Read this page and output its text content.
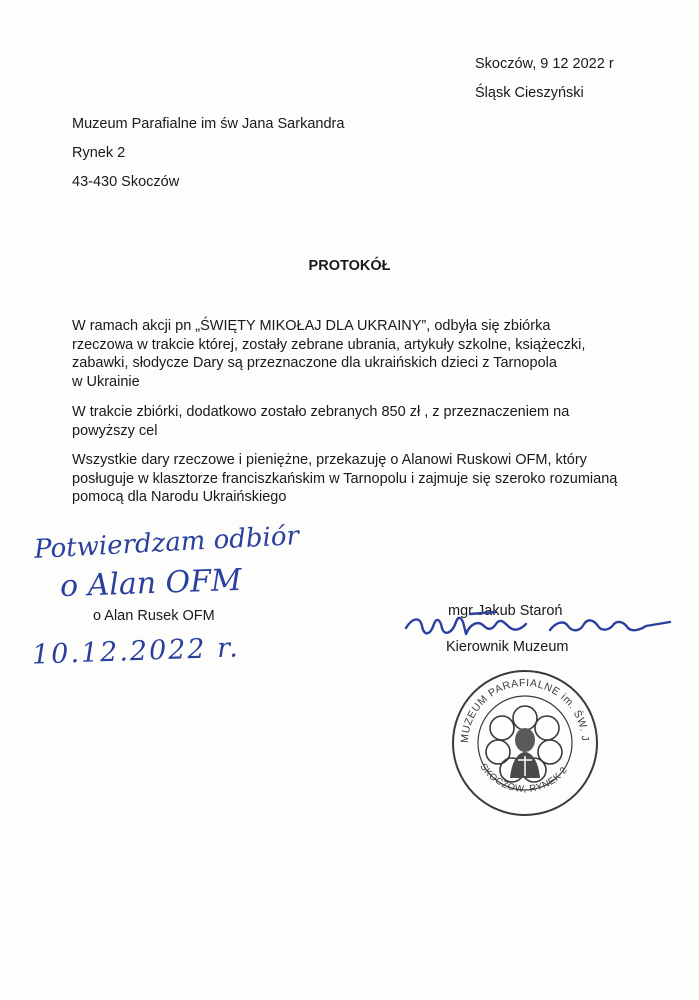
Skoczów, 9 12 2022 r
Śląsk Cieszyński
Muzeum Parafialne im św Jana Sarkandra
Rynek 2
43-430 Skoczów
PROTOKÓŁ
W ramach akcji pn „ŚWIĘTY MIKOŁAJ DLA UKRAINY”, odbyła się zbiórka
rzeczowa w trakcie której, zostały zebrane ubrania, artykuły szkolne, książeczki,
zabawki, słodycze Dary są przeznaczone dla ukraińskich dzieci z Tarnopola
w Ukrainie
W trakcie zbiórki, dodatkowo zostało zebranych 850 zł , z przeznaczeniem na
powyższy cel
Wszystkie dary rzeczowe i pieniężne, przekazuję o Alanowi Ruskowi OFM, który
posługuje w klasztorze franciszkańskim w Tarnopolu i zajmuje się szeroko rozumianą
pomocą dla Narodu Ukraińskiego
Potwierdzam odbiór
o Alan OFM
o Alan Rusek OFM
10.12.2022 r.
mgr Jakub Staroń
Kierownik Muzeum
MUZEUM PARAFIALNE im. ŚW. JANA SARKANDRA
SKOCZÓW, RYNEK 2
